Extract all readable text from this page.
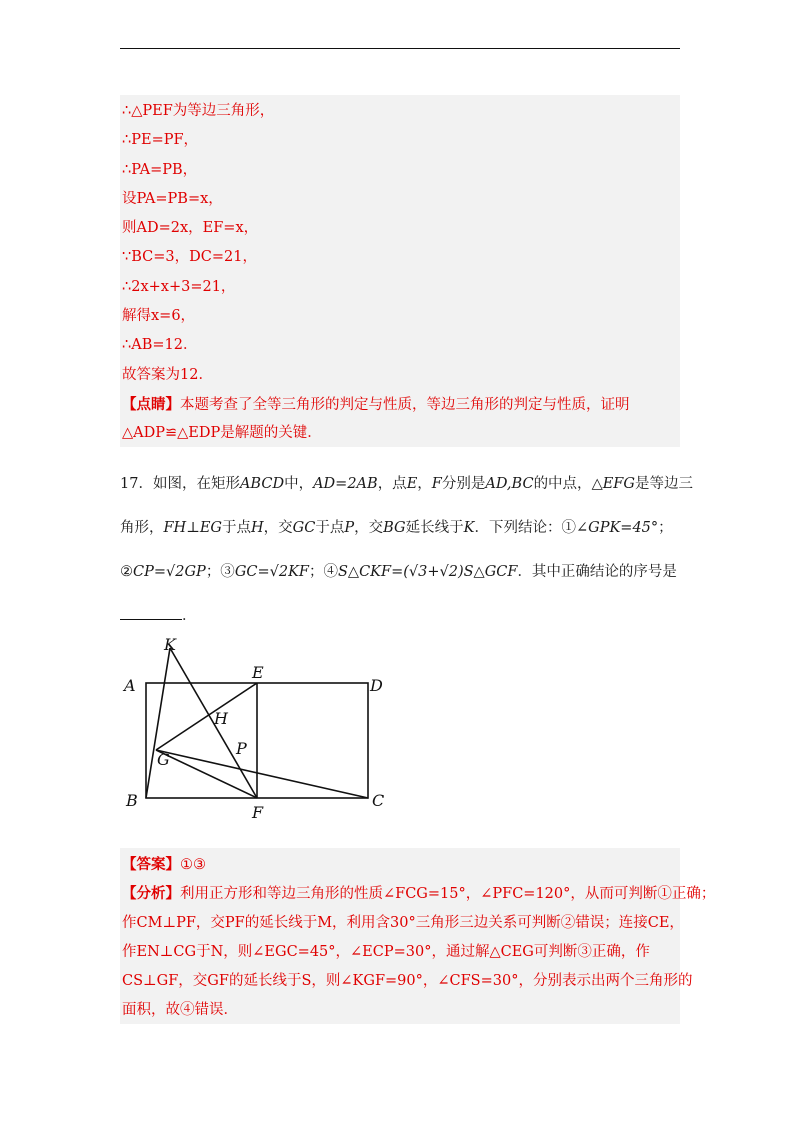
∴△PEF为等边三角形，
∴PE=PF，
∴PA=PB，
设PA=PB=x，
则AD=2x，EF=x，
∵BC=3，DC=21，
∴2x+x+3=21，
解得x=6，
∴AB=12．
故答案为12．
【点睛】本题考查了全等三角形的判定与性质，等边三角形的判定与性质，证明
△ADP≌△EDP是解题的关键．
17．如图，在矩形ABCD中，AD=2AB，点E，F分别是AD,BC的中点，△EFG是等边三
角形，FH⊥EG于点H，交GC于点P，交BG延长线于K．下列结论：①∠GPK=45°；
②CP=√2GP；③GC=√2KF；④S△CKF=(√3+√2)S△GCF．其中正确结论的序号是
．
K
A
E
D
H
P
G
B
F
C
【答案】①③
【分析】利用正方形和等边三角形的性质∠FCG=15°，∠PFC=120°，从而可判断①正确；
作CM⊥PF，交PF的延长线于M，利用含30°三角形三边关系可判断②错误；连接CE，
作EN⊥CG于N，则∠EGC=45°，∠ECP=30°，通过解△CEG可判断③正确，作
CS⊥GF，交GF的延长线于S，则∠KGF=90°，∠CFS=30°，分别表示出两个三角形的
面积，故④错误．
